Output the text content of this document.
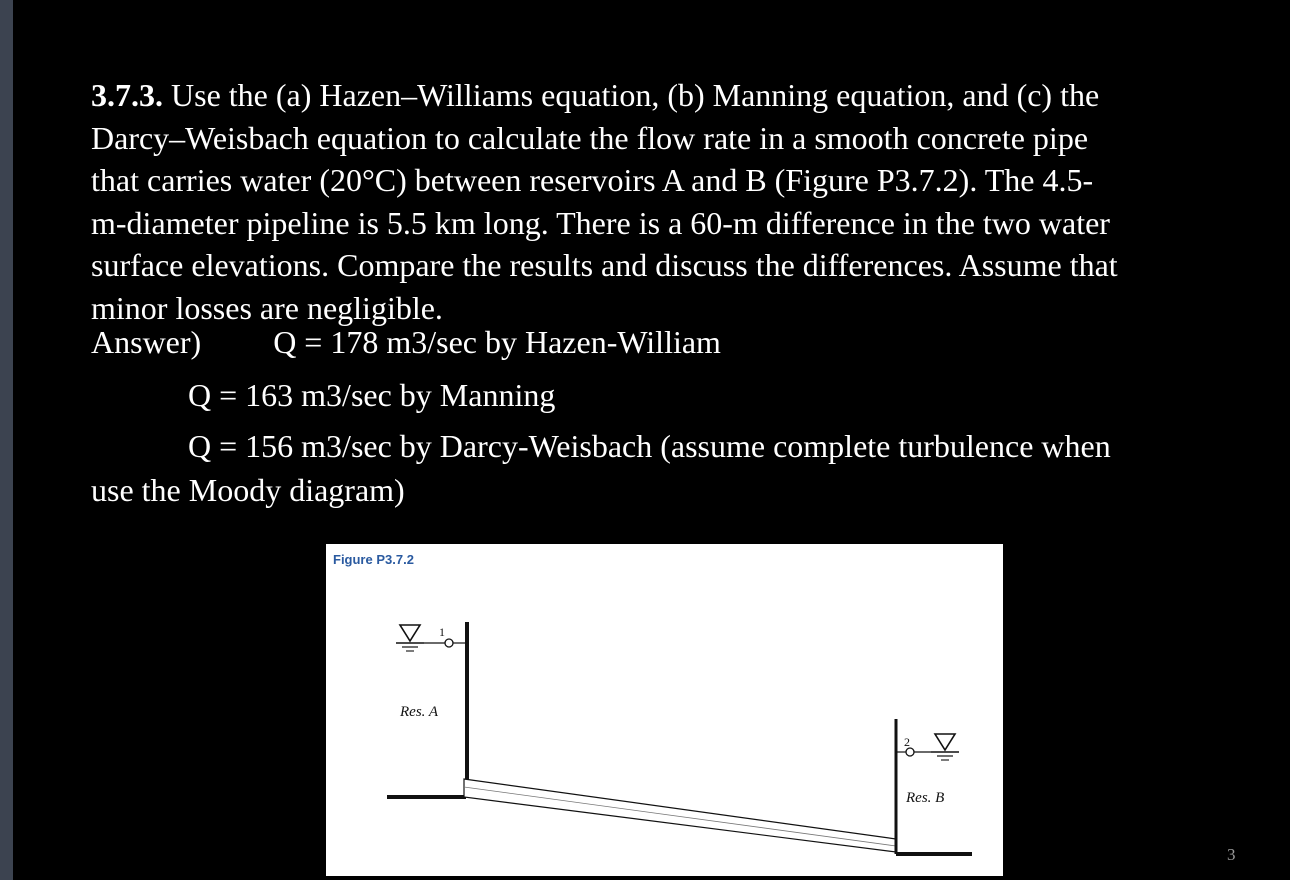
3.7.3. Use the (a) Hazen–Williams equation, (b) Manning equation, and (c) the
Darcy–Weisbach equation to calculate the flow rate in a smooth concrete pipe
that carries water (20°C) between reservoirs A and B (Figure P3.7.2). The 4.5-
m-diameter pipeline is 5.5 km long. There is a 60-m difference in the two water
surface elevations. Compare the results and discuss the differences. Assume that
minor losses are negligible.
Answer) Q = 178 m3/sec by Hazen-William
Q = 163 m3/sec by Manning
Q = 156 m3/sec by Darcy-Weisbach (assume complete turbulence when
use the Moody diagram)
Figure P3.7.2
1
Res. A
2
Res. B
3
